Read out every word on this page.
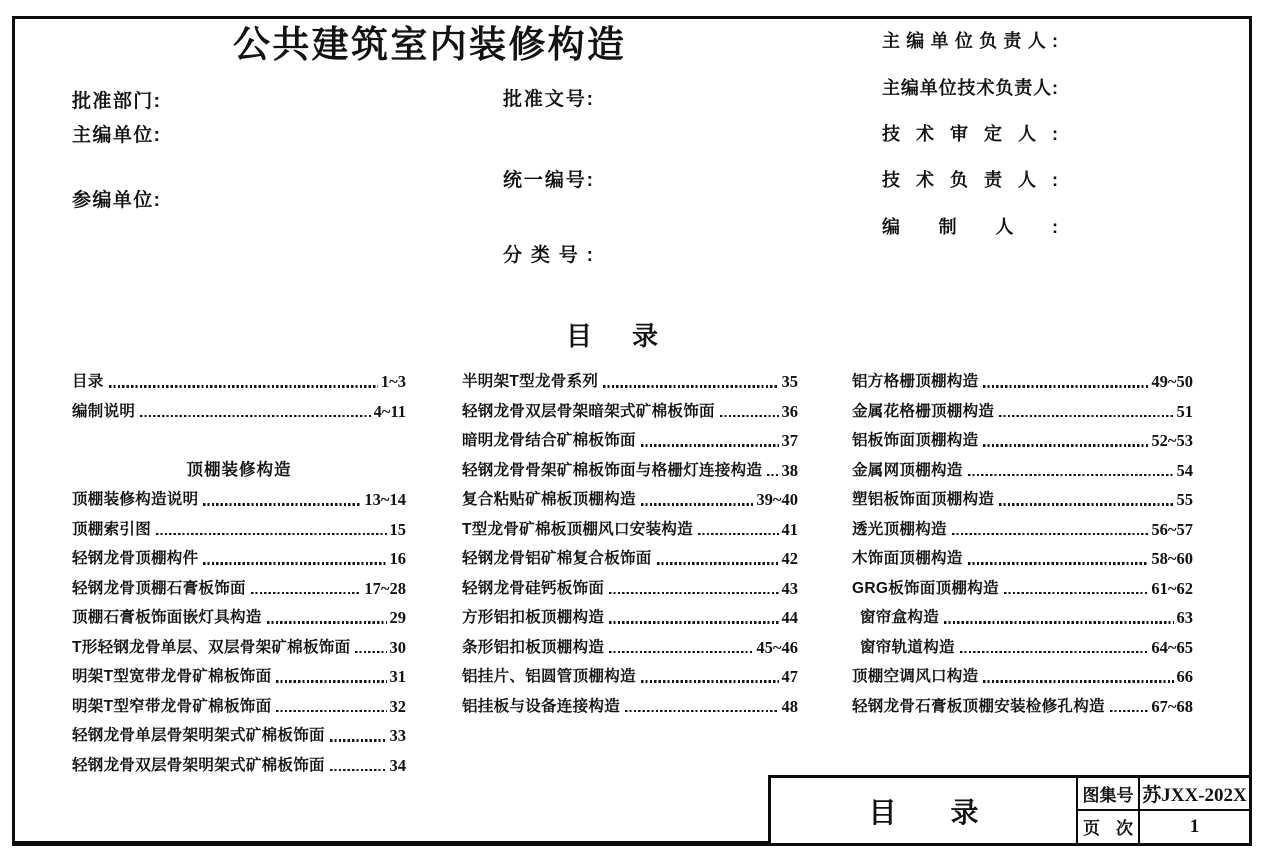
公共建筑室内装修构造
批准部门:
主编单位:
参编单位:
批准文号:
统一编号:
分类号:
主编单位负责人:
主编单位技术负责人:
技术审定人:
技术负责人:
编制人:
目录
目录	1~3
编制说明	4~11
顶棚装修构造
顶棚装修构造说明	13~14
顶棚索引图	15
轻钢龙骨顶棚构件	16
轻钢龙骨顶棚石膏板饰面	17~28
顶棚石膏板饰面嵌灯具构造	29
T形轻钢龙骨单层、双层骨架矿棉板饰面 30
明架T型宽带龙骨矿棉板饰面	31
明架T型窄带龙骨矿棉板饰面	32
轻钢龙骨单层骨架明架式矿棉板饰面	33
轻钢龙骨双层骨架明架式矿棉板饰面	34
半明架T型龙骨系列	35
轻钢龙骨双层骨架暗架式矿棉板饰面	36
暗明龙骨结合矿棉板饰面	37
轻钢龙骨骨架矿棉板饰面与格栅灯连接构造 38
复合粘贴矿棉板顶棚构造	39~40
T型龙骨矿棉板顶棚风口安装构造	41
轻钢龙骨铝矿棉复合板饰面	42
轻钢龙骨硅钙板饰面	43
方形铝扣板顶棚构造	44
条形铝扣板顶棚构造	45~46
铝挂片、铝圆管顶棚构造	47
铝挂板与设备连接构造	48
铝方格栅顶棚构造	49~50
金属花格栅顶棚构造	51
铝板饰面顶棚构造	52~53
金属网顶棚构造	54
塑铝板饰面顶棚构造	55
透光顶棚构造	56~57
木饰面顶棚构造	58~60
GRG板饰面顶棚构造	61~62
窗帘盒构造	63
窗帘轨道构造	64~65
顶棚空调风口构造	66
轻钢龙骨石膏板顶棚安装检修孔构造	67~68
目录
图集号 苏JXX-202X
页次	1
